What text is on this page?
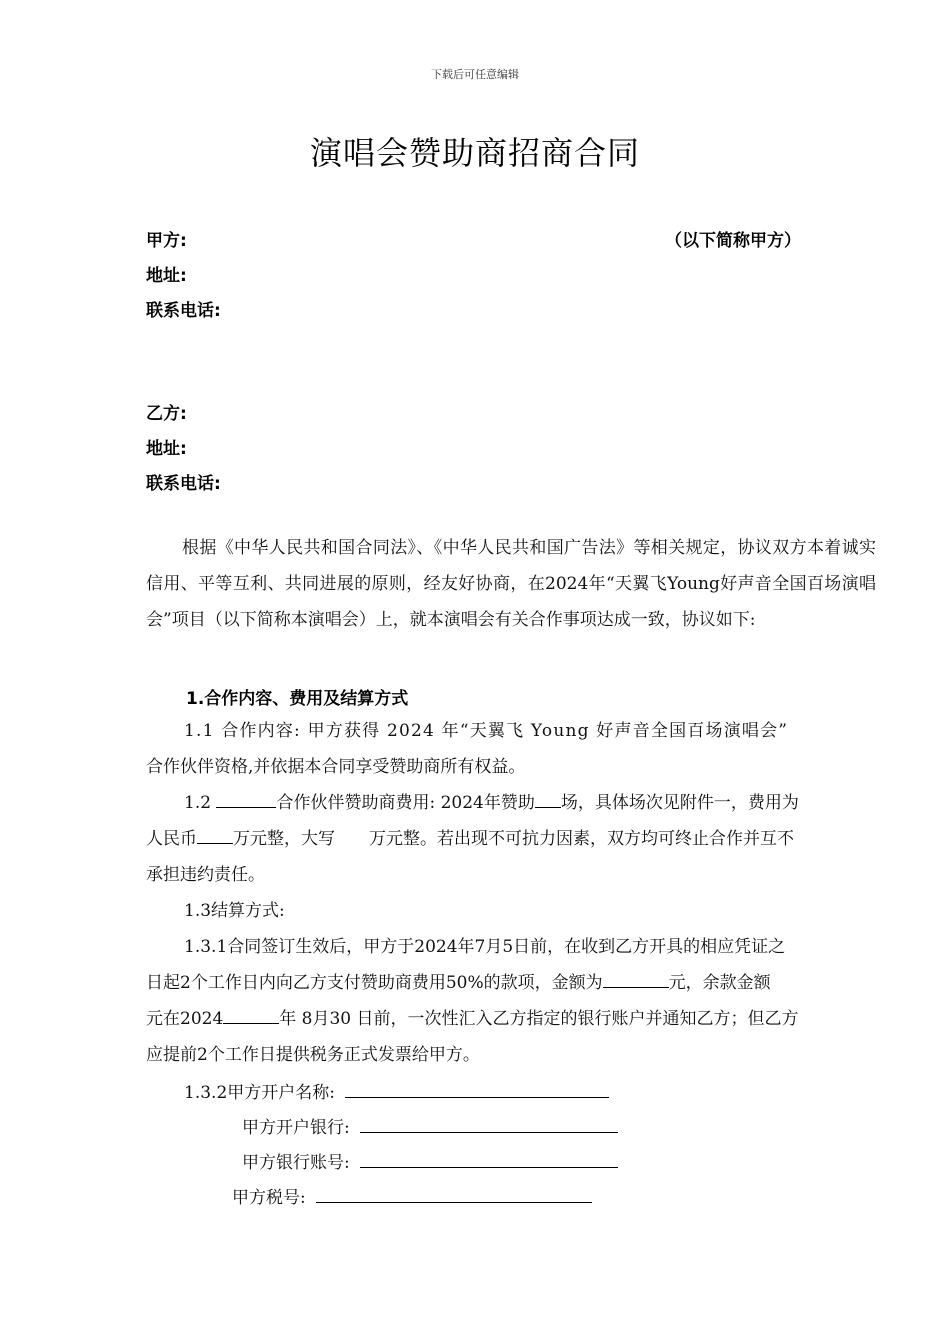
下载后可任意编辑
演唱会赞助商招商合同
甲方:	（以下简称甲方）
地址:
联系电话:
乙方:
地址:
联系电话:
根据《中华人民共和国合同法》、《中华人民共和国广告法》等相关规定，协议双方本着诚实信用、平等互利、共同进展的原则，经友好协商，在2024年“天翼飞Young好声音全国百场演唱会”项目（以下简称本演唱会）上，就本演唱会有关合作事项达成一致，协议如下:
1.合作内容、费用及结算方式
1.1 合作内容: 甲方获得 2024 年“天翼飞 Young 好声音全国百场演唱会”
合作伙伴资格,并依据本合同享受赞助商所有权益。
1.2	合作伙伴赞助商费用: 2024年赞助 场，具体场次见附件一，费用为
人民币 万元整，大写 万元整。若出现不可抗力因素，双方均可终止合作并互不
承担违约责任。
1.3结算方式:
1.3.1合同签订生效后，甲方于2024年7月5日前，在收到乙方开具的相应凭证之
日起2个工作日内向乙方支付赞助商费用50%的款项，金额为	元，余款金额
元在2024	年 8月30 日前，一次性汇入乙方指定的银行账户并通知乙方；但乙方
应提前2个工作日提供税务正式发票给甲方。
1.3.2甲方开户名称:
甲方开户银行:
甲方银行账号:
甲方税号:
